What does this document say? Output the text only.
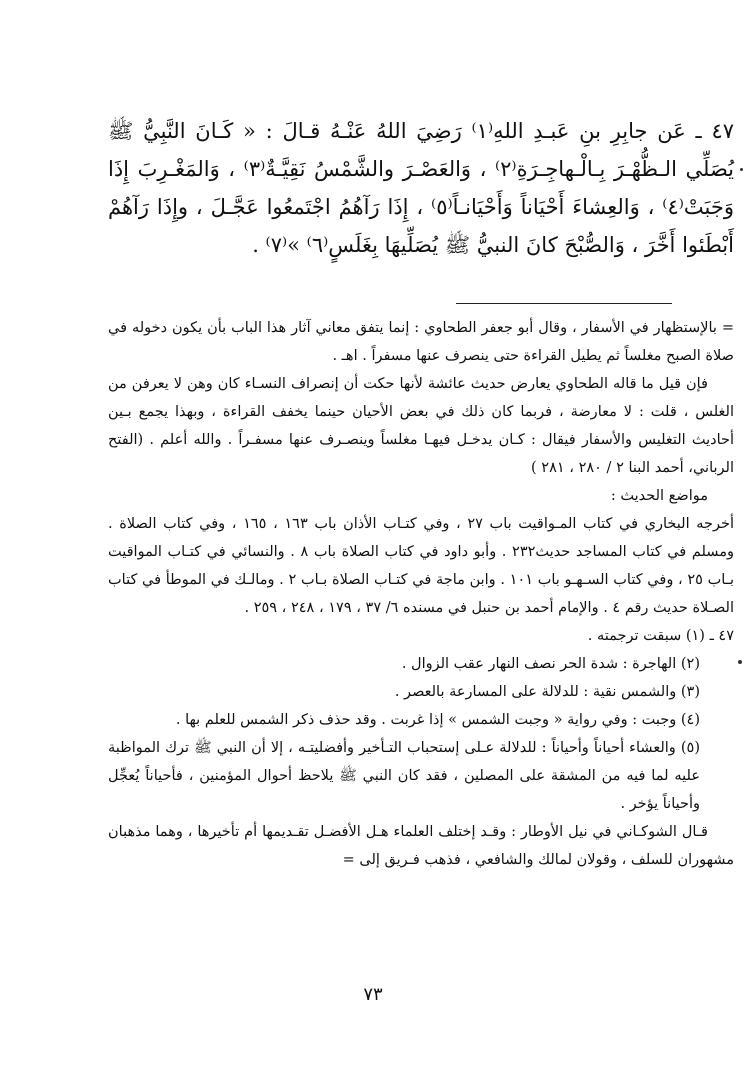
٤٧ ـ عَن جابِرِ بنِ عَبـدِ اللهِ⁽١⁾ رَضِيَ اللهُ عَنْـهُ قـالَ : « كَـانَ النَّبِيُّ ﷺ يُصَلِّي الـظُّهْـرَ بِـالْـهاجِـرَةِ⁽٢⁾ ، وَالعَصْـرَ والشَّمْسُ نَقِيَّـةٌ⁽٣⁾ ، وَالمَغْـرِبَ إِذَا وَجَبَتْ⁽٤⁾ ، وَالعِشاءَ أَحْيَاناً وَأَحْيَانـاً⁽٥⁾ ، إِذَا رَآهُمُ اجْتَمعُوا عَجَّـلَ ، وإِذَا رَآهُمْ أَبْطَئوا أَخَّرَ ، وَالصُّبْحَ كانَ النبيُّ ﷺ يُصَلِّيهَا بِغَلَسٍ⁽٦⁾ »⁽٧⁾ .

= بالإستظهار في الأسفار ، وقال أبو جعفر الطحاوي : إنما يتفق معاني آثار هذا الباب بأن يكون دخوله في صلاة الصبح مغلساً ثم يطيل القراءة حتى ينصرف عنها مسفراً . اهـ .

فإن قيل ما قاله الطحاوي يعارض حديث عائشة لأنها حكت أن إنصراف النسـاء كان وهن لا يعرفن من الغلس ، قلت : لا معارضة ، فربما كان ذلك في بعض الأحيان حينما يخفف القراءة ، وبهذا يجمع بـين أحاديث التغليس والأسفار فيقال : كـان يدخـل فيهـا مغلساً وينصـرف عنها مسفـراً . والله أعلم . (الفتح الرباني، أحمد البنا ٢ / ٢٨٠ ، ٢٨١ )

مواضع الحديث :

أخرجه البخاري في كتاب المـواقيت باب ٢٧ ، وفي كتـاب الأذان باب ١٦٣ ، ١٦٥ ، وفي كتاب الصلاة . ومسلم في كتاب المساجد حديث٢٣٢ . وأبو داود في كتاب الصلاة باب ٨ . والنسائي في كتـاب المواقيت بـاب ٢٥ ، وفي كتاب السـهـو باب ١٠١ . وابن ماجة في كتـاب الصلاة بـاب ٢ . ومالـك في الموطأ في كتاب الصـلاة حديث رقم ٤ . والإمام أحمد بن حنبل في مسنده ٦/ ٣٧ ، ١٧٩ ، ٢٤٨ ، ٢٥٩ .

٤٧ ـ (١) سبقت ترجمته .

(٢) الهاجرة : شدة الحر نصف النهار عقب الزوال .

(٣) والشمس نقية : للدلالة على المسارعة بالعصر .

(٤) وجبت : وفي رواية « وجبت الشمس » إذا غربت . وقد حذف ذكر الشمس للعلم بها .

(٥) والعشاء أحياناً وأحياناً : للدلالة عـلى إستحباب التـأخير وأفضليتـه ، إلا أن النبي ﷺ ترك المواظبة عليه لما فيه من المشقة على المصلين ، فقد كان النبي ﷺ يلاحظ أحوال المؤمنين ، فأحياناً يُعجِّل وأحياناً يؤخر .

قـال الشوكـاني في نيل الأوطار : وقـد إختلف العلماء هـل الأفضـل تقـديمها أم تأخيرها ، وهما مذهبان مشهوران للسلف ، وقولان لمالك والشافعي ، فذهب فـريق إلى =

٧٣
